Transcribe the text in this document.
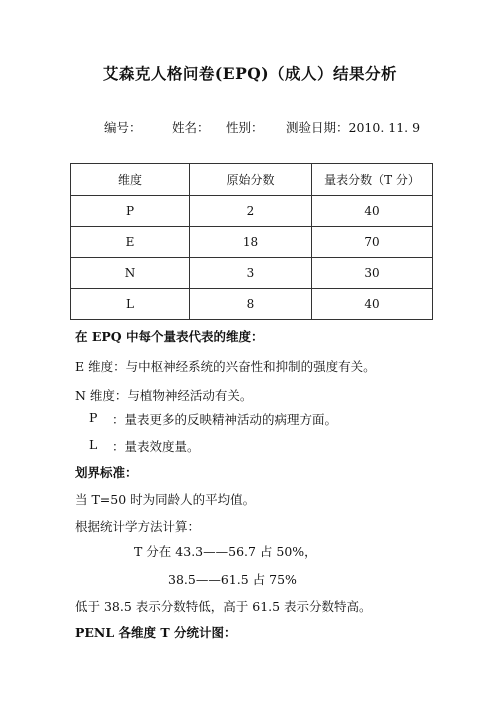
艾森克人格问卷(EPQ)（成人）结果分析
编号： 姓名： 性别： 测验日期：2010. 11. 9
维度	原始分数	量表分数（T 分）
P	2	40
E	18	70
N	3	30
L	8	40
在 EPQ 中每个量表代表的维度：
E 维度：与中枢神经系统的兴奋性和抑制的强度有关。
N 维度：与植物神经活动有关。
P ：量表更多的反映精神活动的病理方面。
L ：量表效度量。
划界标准：
当 T=50 时为同龄人的平均值。
根据统计学方法计算：
T 分在 43.3——56.7 占 50%，
38.5——61.5 占 75%
低于 38.5 表示分数特低，高于 61.5 表示分数特高。
PENL 各维度 T 分统计图：
